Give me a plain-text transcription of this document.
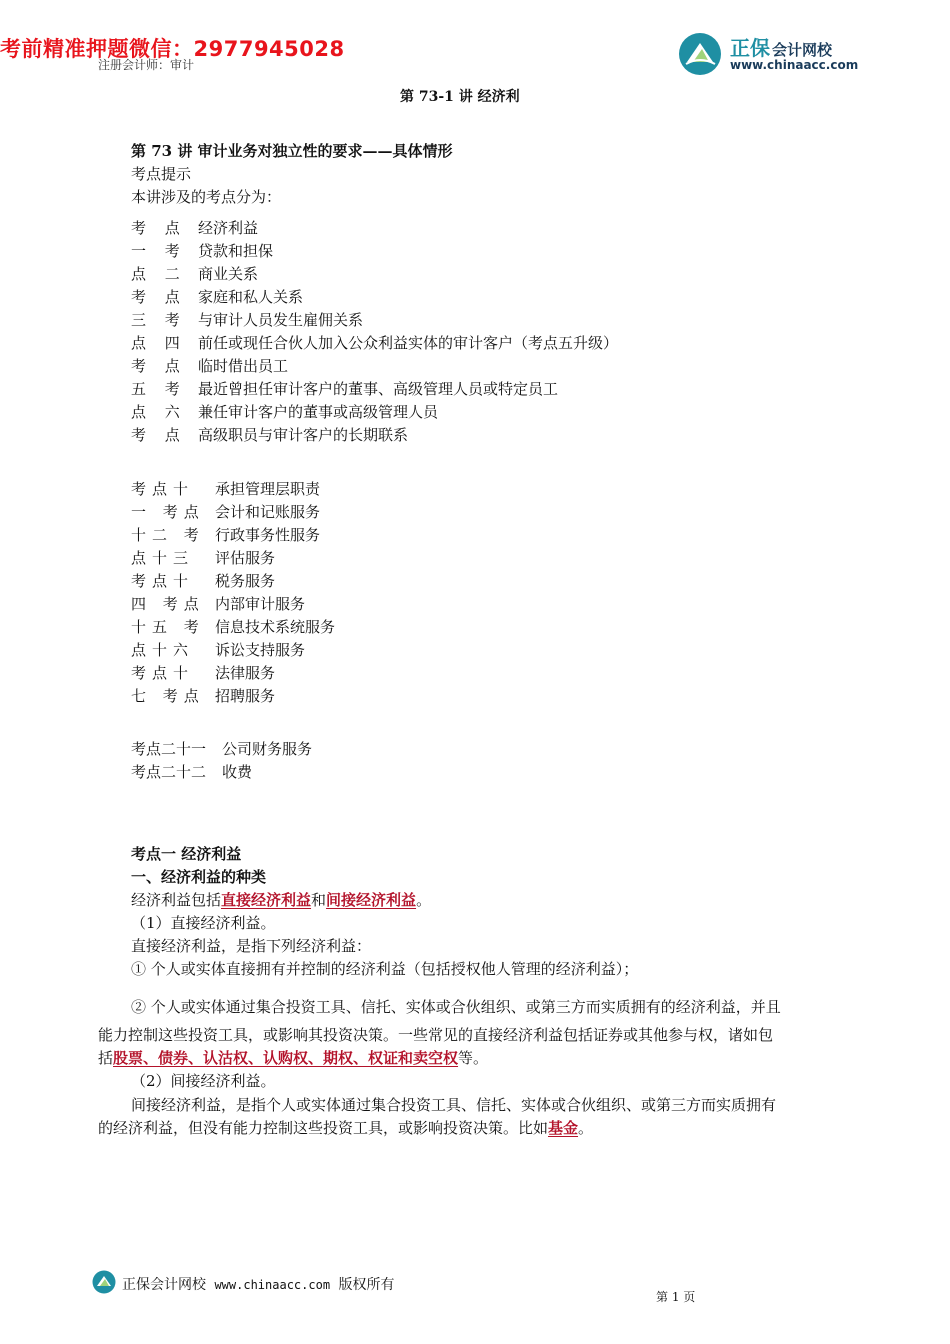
考前精准押题微信：2977945028	正保 会计网校
www.chinaacc.com
注册会计师：审计
第 73-1 讲 经济利
第 73 讲 审计业务对独立性的要求——具体情形
考点提示
本讲涉及的考点分为：
考 点 经济利益
一 考 贷款和担保
点 二 商业关系
考 点 家庭和私人关系
三 考 与审计人员发生雇佣关系
点 四 前任或现任合伙人加入公众利益实体的审计客户（考点五升级）
考 点 临时借出员工
五 考 最近曾担任审计客户的董事、高级管理人员或特定员工
点 六 兼任审计客户的董事或高级管理人员
考 点 高级职员与审计客户的长期联系
考点十	承担管理层职责
一 考点 会计和记账服务
十二 考 行政事务性服务
点十三	评估服务
考点十	税务服务
四 考点 内部审计服务
十五 考 信息技术系统服务
点十六	诉讼支持服务
考点十	法律服务
七 考点 招聘服务
考点二十一 公司财务服务
考点二十二 收费
考点一 经济利益
一、经济利益的种类
经济利益包括直接经济利益和间接经济利益。
（1）直接经济利益。
直接经济利益，是指下列经济利益：
① 个人或实体直接拥有并控制的经济利益（包括授权他人管理的经济利益）；
② 个人或实体通过集合投资工具、信托、实体或合伙组织、或第三方而实质拥有的经济利益，并且
能力控制这些投资工具，或影响其投资决策。一些常见的直接经济利益包括证券或其他参与权，诸如包
括股票、债券、认沽权、认购权、期权、权证和卖空权等。
（2）间接经济利益。
间接经济利益，是指个人或实体通过集合投资工具、信托、实体或合伙组织、或第三方而实质拥有
的经济利益，但没有能力控制这些投资工具，或影响投资决策。比如基金。
正保会计网校 www.chinaacc.com 版权所有
第 1 页
